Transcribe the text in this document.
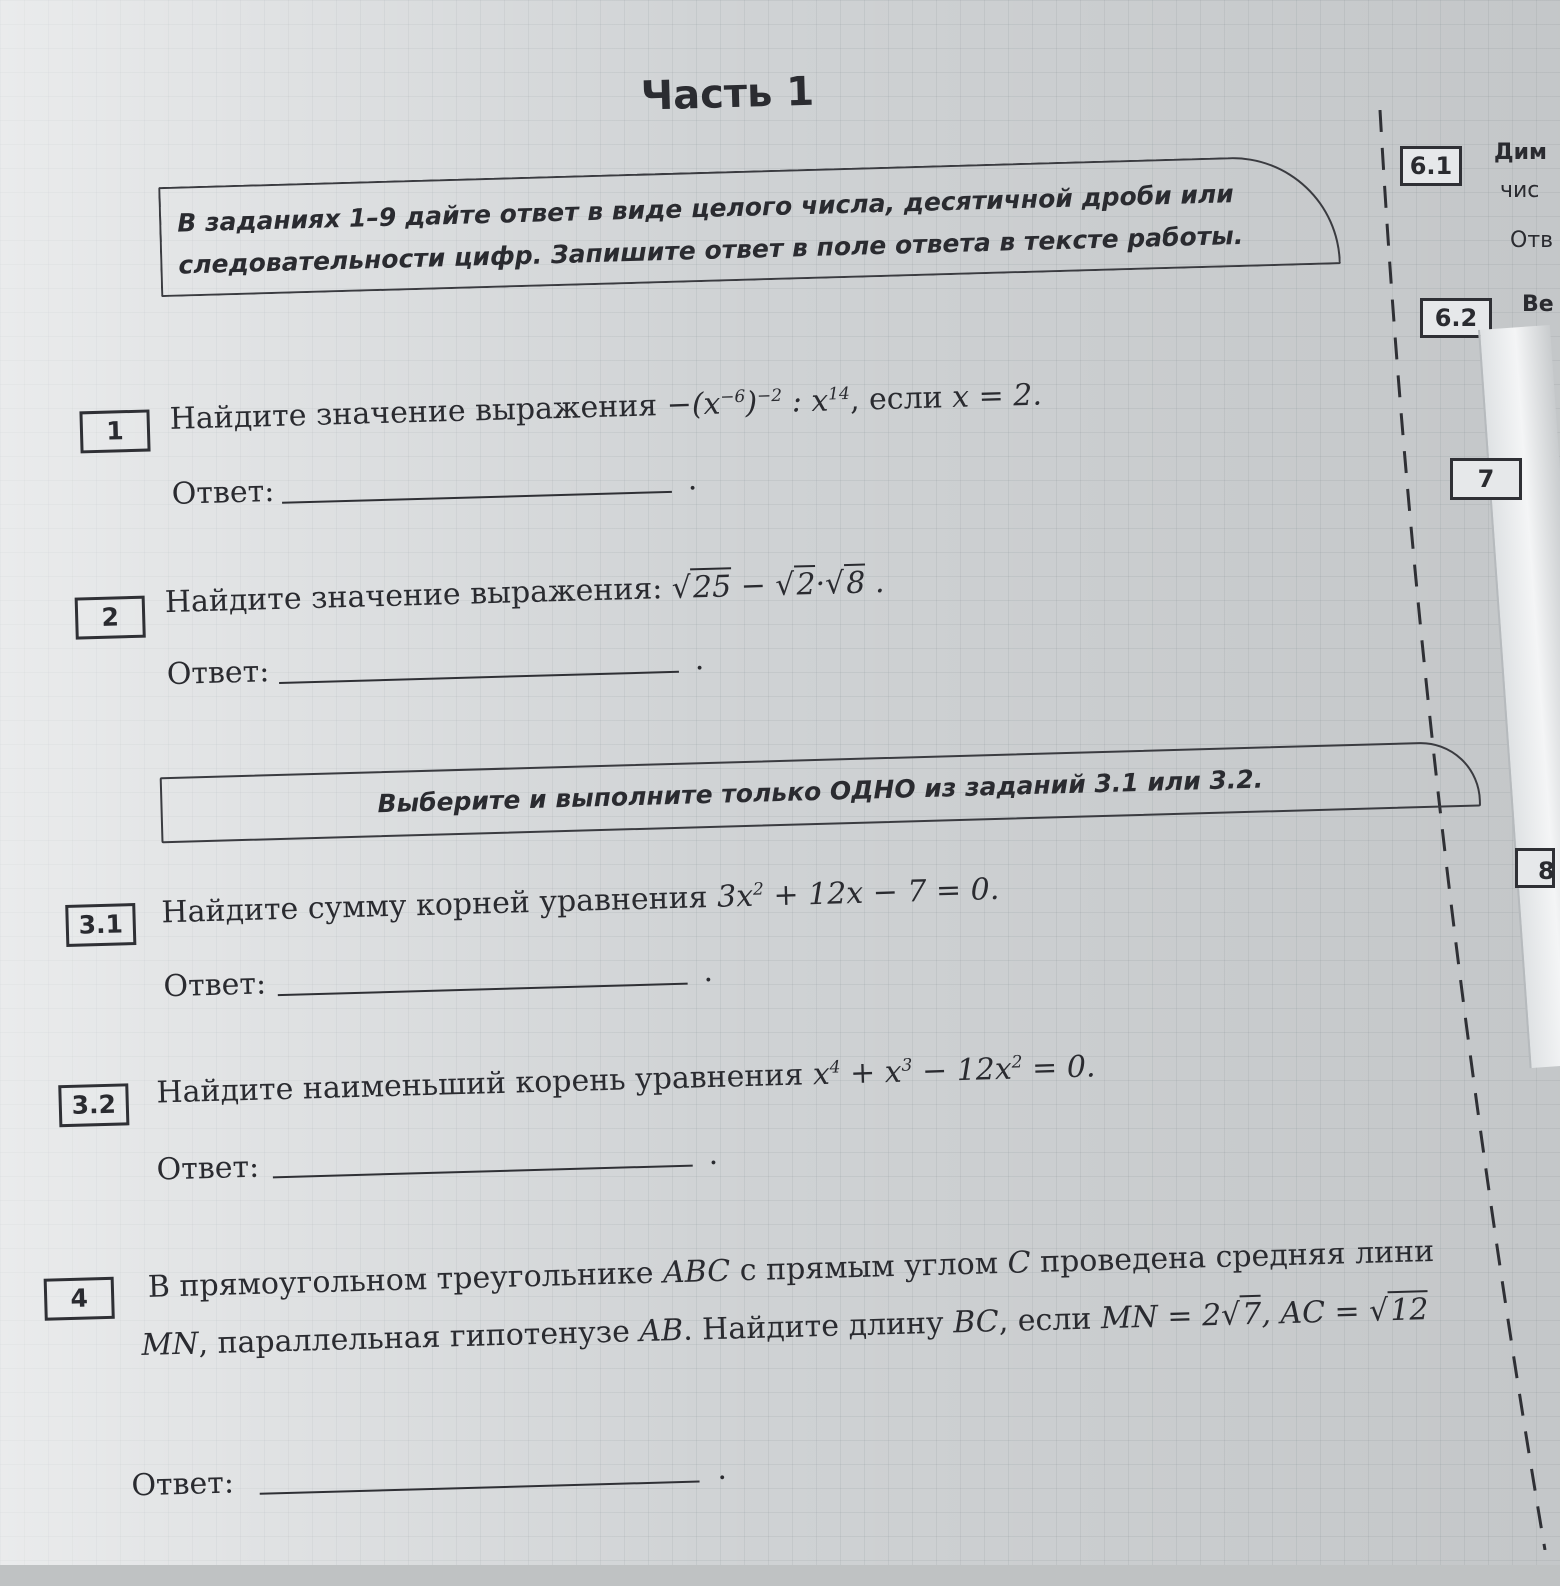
6.1	Дим
чис
Отв
6.2	Ве
7
8
Часть 1
В заданиях 1–9 дайте ответ в виде целого числа, десятичной дроби или
следовательности цифр. Запишите ответ в поле ответа в тексте работы.
1	Найдите значение выражения $-(x^{-6})^{-2}$ : $x^{14}$, если x = 2.
Ответ:	.
2	Найдите значение выражения: √25 − √2·√8 .
Ответ:	.
Выберите и выполните только ОДНО из заданий 3.1 или 3.2.
3.1	Найдите сумму корней уравнения $3x^2 + 12x - 7 = 0$.
Ответ:	.
3.2	Найдите наименьший корень уравнения $x^4 + x^3 - 12x^2 = 0$.
Ответ:	.
4	В прямоугольном треугольнике ABC с прямым углом C проведена средняя лини
MN, параллельная гипотенузе AB. Найдите длину BC, если MN = 2√7, AC = √12
Ответ:	.
